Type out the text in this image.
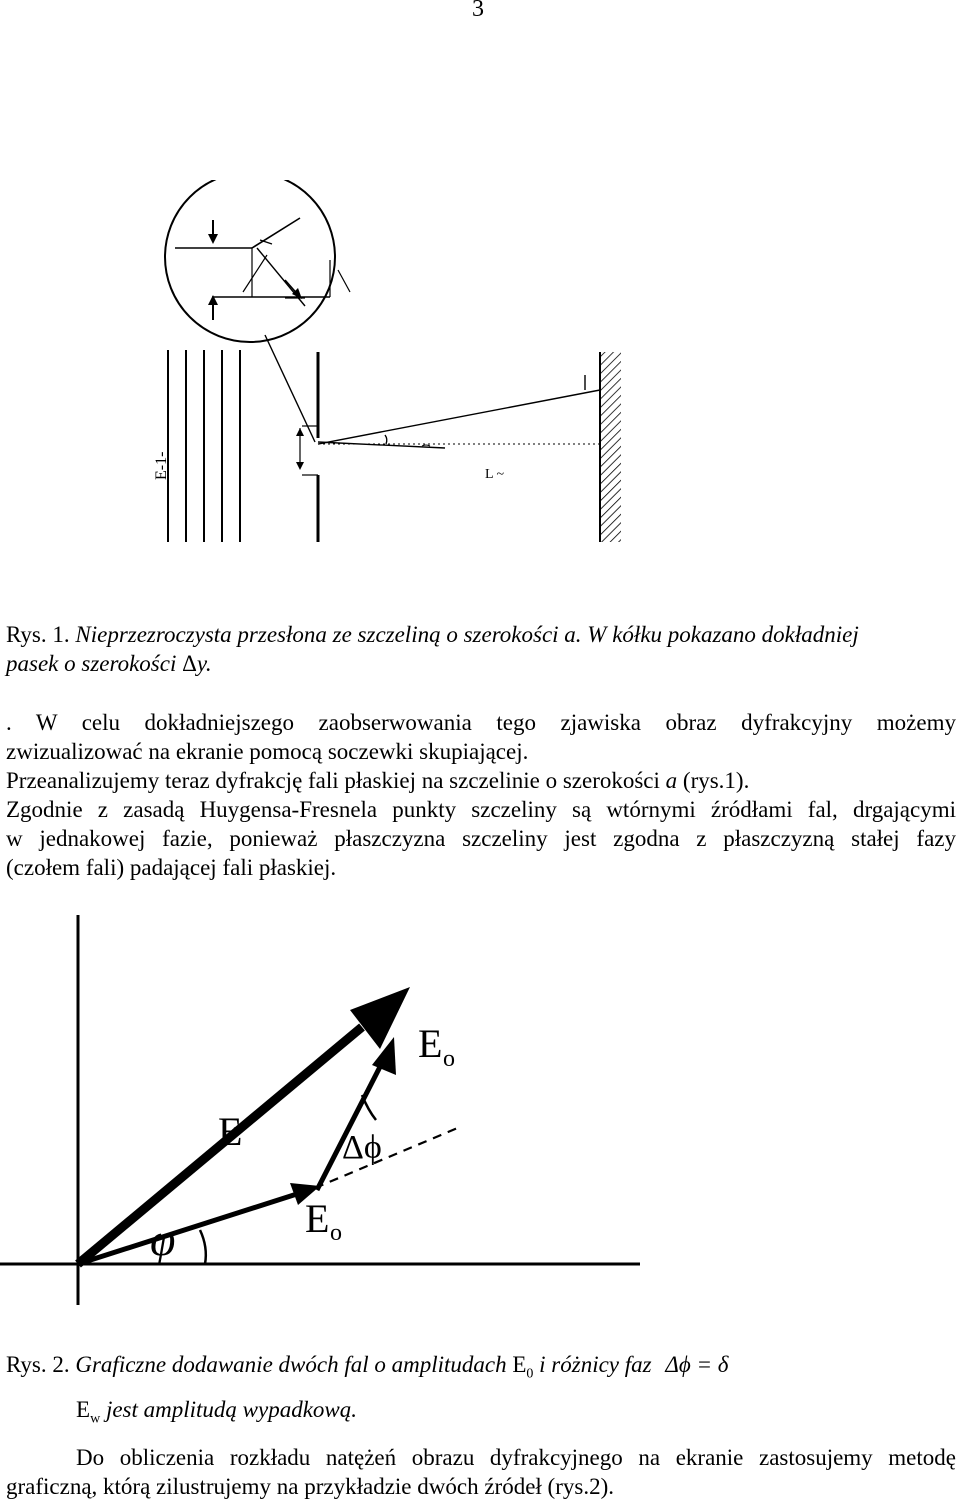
3
E-1-	L ~
Rys. 1. Nieprzezroczysta przesłona ze szczeliną o szerokości a. W kółku pokazano dokładniej
pasek o szerokości Δy.
. W celu dokładniejszego zaobserwowania tego zjawiska obraz dyfrakcyjny możemy
zwizualizować na ekranie pomocą soczewki skupiającej.
Przeanalizujemy teraz dyfrakcję fali płaskiej na szczelinie o szerokości a (rys.1).
Zgodnie z zasadą Huygensa-Fresnela punkty szczeliny są wtórnymi źródłami fal, drgającymi
w jednakowej fazie, ponieważ płaszczyzna szczeliny jest zgodna z płaszczyzną stałej fazy
(czołem fali) padającej fali płaskiej.
E o
E	Δϕ
E o
φ
Rys. 2. Graficzne dodawanie dwóch fal o amplitudach $E_0$ i różnicy faz Δϕ = δ
$E_w$ jest amplitudą wypadkową.
Do obliczenia rozkładu natężeń obrazu dyfrakcyjnego na ekranie zastosujemy metodę
graficzną, którą zilustrujemy na przykładzie dwóch źródeł (rys.2).
